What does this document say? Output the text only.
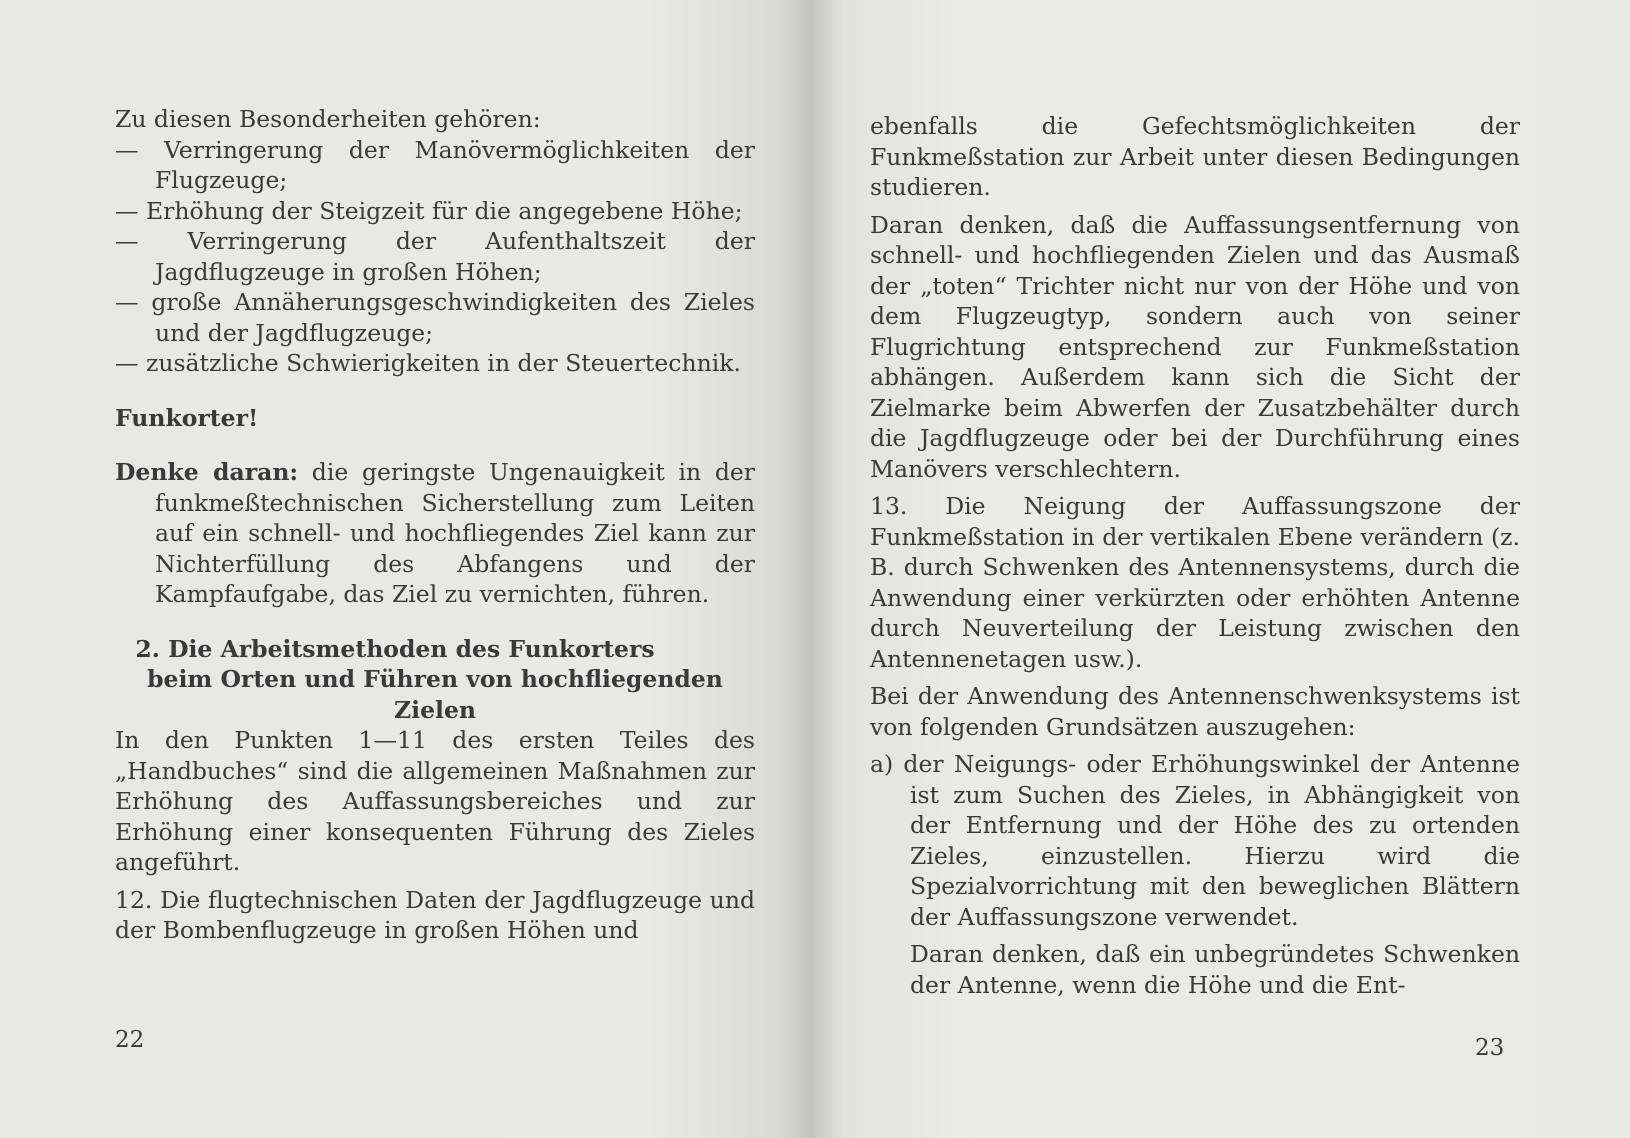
Zu diesen Besonderheiten gehören:

— Verringerung der Manövermöglichkeiten der Flugzeuge;

— Erhöhung der Steigzeit für die angegebene Höhe;

— Verringerung der Aufenthaltszeit der Jagdflugzeuge in großen Höhen;

— große Annäherungsgeschwindigkeiten des Zieles und der Jagdflugzeuge;

— zusätzliche Schwierigkeiten in der Steuertechnik.

Funkorter!

Denke daran: die geringste Ungenauigkeit in der funkmeßtechnischen Sicherstellung zum Leiten auf ein schnell- und hochfliegendes Ziel kann zur Nichterfüllung des Abfangens und der Kampfaufgabe, das Ziel zu vernichten, führen.

2. Die Arbeitsmethoden des Funkorters
beim Orten und Führen von hochfliegenden Zielen

In den Punkten 1—11 des ersten Teiles des „Handbuches“ sind die allgemeinen Maßnahmen zur Erhöhung des Auffassungsbereiches und zur Erhöhung einer konsequenten Führung des Zieles angeführt.

12. Die flugtechnischen Daten der Jagdflugzeuge und der Bombenflugzeuge in großen Höhen und

22

ebenfalls die Gefechtsmöglichkeiten der Funkmeßstation zur Arbeit unter diesen Bedingungen studieren.

Daran denken, daß die Auffassungsentfernung von schnell- und hochfliegenden Zielen und das Ausmaß der „toten“ Trichter nicht nur von der Höhe und von dem Flugzeugtyp, sondern auch von seiner Flugrichtung entsprechend zur Funkmeßstation abhängen. Außerdem kann sich die Sicht der Zielmarke beim Abwerfen der Zusatzbehälter durch die Jagdflugzeuge oder bei der Durchführung eines Manövers verschlechtern.

13. Die Neigung der Auffassungszone der Funkmeßstation in der vertikalen Ebene verändern (z. B. durch Schwenken des Antennensystems, durch die Anwendung einer verkürzten oder erhöhten Antenne durch Neuverteilung der Leistung zwischen den Antennenetagen usw.).

Bei der Anwendung des Antennenschwenksystems ist von folgenden Grundsätzen auszugehen:

a) der Neigungs- oder Erhöhungswinkel der Antenne ist zum Suchen des Zieles, in Abhängigkeit von der Entfernung und der Höhe des zu ortenden Zieles, einzustellen. Hierzu wird die Spezialvorrichtung mit den beweglichen Blättern der Auffassungszone verwendet.

Daran denken, daß ein unbegründetes Schwenken der Antenne, wenn die Höhe und die Ent-

23
